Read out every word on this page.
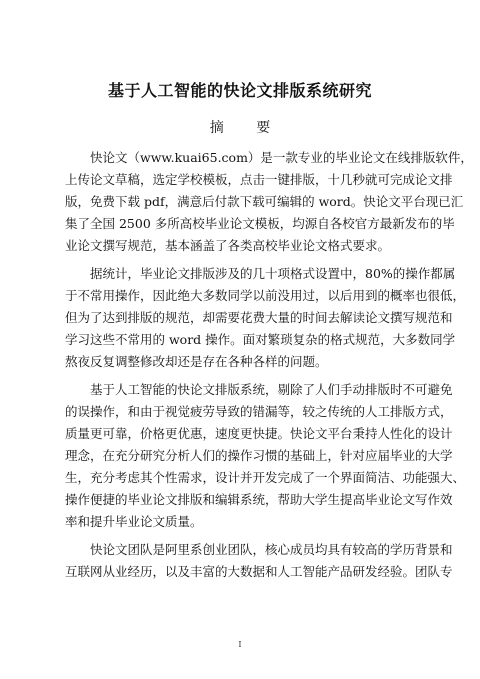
基于人工智能的快论文排版系统研究
摘 要
快论文（www.kuai65.com）是一款专业的毕业论文在线排版软件，
上传论文草稿，选定学校模板，点击一键排版，十几秒就可完成论文排
版，免费下载 pdf，满意后付款下载可编辑的 word。快论文平台现已汇
集了全国 2500 多所高校毕业论文模板，均源自各校官方最新发布的毕
业论文撰写规范，基本涵盖了各类高校毕业论文格式要求。
据统计，毕业论文排版涉及的几十项格式设置中，80%的操作都属
于不常用操作，因此绝大多数同学以前没用过，以后用到的概率也很低，
但为了达到排版的规范，却需要花费大量的时间去解读论文撰写规范和
学习这些不常用的 word 操作。面对繁琐复杂的格式规范，大多数同学
熬夜反复调整修改却还是存在各种各样的问题。
基于人工智能的快论文排版系统，剔除了人们手动排版时不可避免
的误操作，和由于视觉疲劳导致的错漏等，较之传统的人工排版方式，
质量更可靠，价格更优惠，速度更快捷。快论文平台秉持人性化的设计
理念，在充分研究分析人们的操作习惯的基础上，针对应届毕业的大学
生，充分考虑其个性需求，设计并开发完成了一个界面简洁、功能强大、
操作便捷的毕业论文排版和编辑系统，帮助大学生提高毕业论文写作效
率和提升毕业论文质量。
快论文团队是阿里系创业团队，核心成员均具有较高的学历背景和
互联网从业经历，以及丰富的大数据和人工智能产品研发经验。团队专
I
